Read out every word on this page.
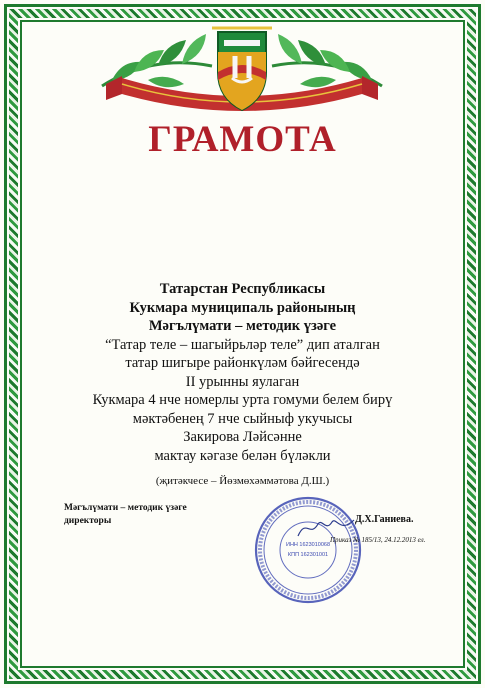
ГРАМОТА
Татарстан Республикасы
Кукмара муниципаль районының
Мәгълүмати – методик үзәге
“Татар теле – шагыйрьләр теле” дип аталган
татар шигыре районкүләм бәйгесендә
II урынны яулаган
Кукмара 4 нче номерлы урта гомуми белем бирү
мәктәбенең 7 нче сыйныф укучысы
Закирова Ләйсәнне
мактау кәгазе белән бүләкли
(җитәкчесе – Йөзмөхәммәтова Д.Ш.)
Мәгълүмати – методик үзәге
директоры
ИНН 1623010068
КПП 162301001
Д.Х.Ганиева.
Приказ № 185/13, 24.12.2013 ел.
